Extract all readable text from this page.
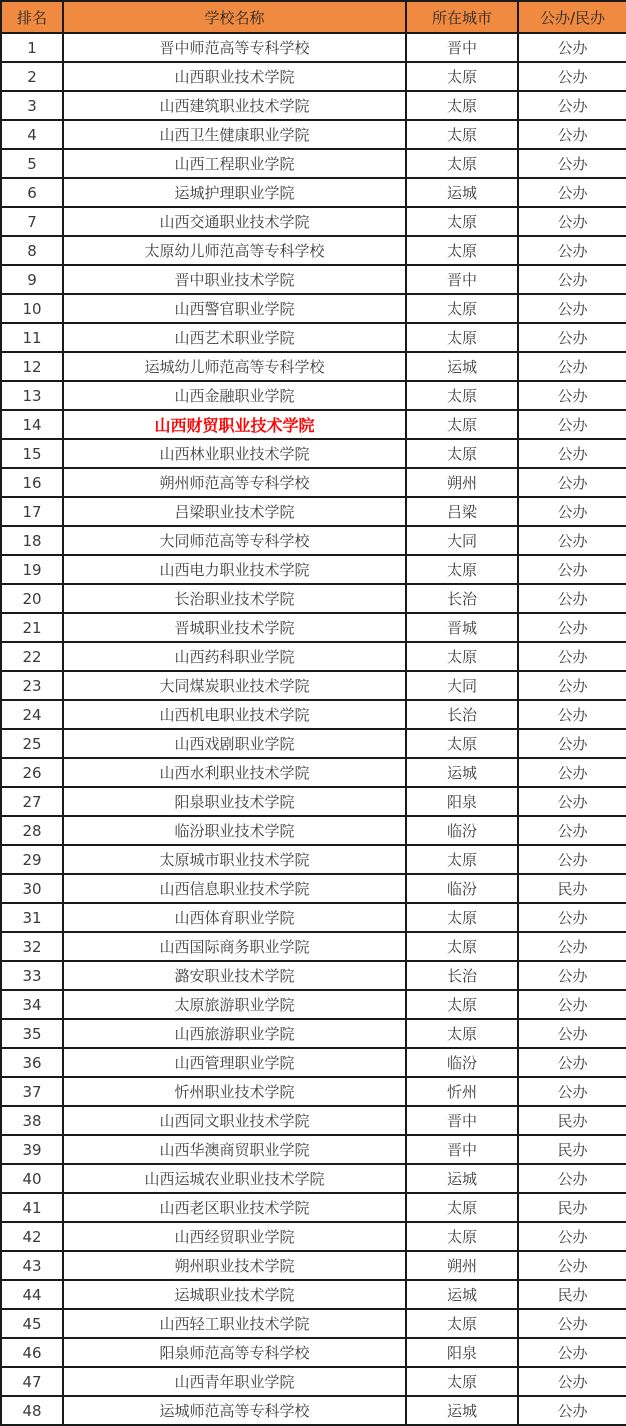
排名	学校名称	所在城市	公办/民办
1	晋中师范高等专科学校	晋中	公办
2	山西职业技术学院	太原	公办
3	山西建筑职业技术学院	太原	公办
4	山西卫生健康职业学院	太原	公办
5	山西工程职业学院	太原	公办
6	运城护理职业学院	运城	公办
7	山西交通职业技术学院	太原	公办
8	太原幼儿师范高等专科学校	太原	公办
9	晋中职业技术学院	晋中	公办
10	山西警官职业学院	太原	公办
11	山西艺术职业学院	太原	公办
12	运城幼儿师范高等专科学校	运城	公办
13	山西金融职业学院	太原	公办
14	山西财贸职业技术学院	太原	公办
15	山西林业职业技术学院	太原	公办
16	朔州师范高等专科学校	朔州	公办
17	吕梁职业技术学院	吕梁	公办
18	大同师范高等专科学校	大同	公办
19	山西电力职业技术学院	太原	公办
20	长治职业技术学院	长治	公办
21	晋城职业技术学院	晋城	公办
22	山西药科职业学院	太原	公办
23	大同煤炭职业技术学院	大同	公办
24	山西机电职业技术学院	长治	公办
25	山西戏剧职业学院	太原	公办
26	山西水利职业技术学院	运城	公办
27	阳泉职业技术学院	阳泉	公办
28	临汾职业技术学院	临汾	公办
29	太原城市职业技术学院	太原	公办
30	山西信息职业技术学院	临汾	民办
31	山西体育职业学院	太原	公办
32	山西国际商务职业学院	太原	公办
33	潞安职业技术学院	长治	公办
34	太原旅游职业学院	太原	公办
35	山西旅游职业学院	太原	公办
36	山西管理职业学院	临汾	公办
37	忻州职业技术学院	忻州	公办
38	山西同文职业技术学院	晋中	民办
39	山西华澳商贸职业学院	晋中	民办
40	山西运城农业职业技术学院	运城	公办
41	山西老区职业技术学院	太原	民办
42	山西经贸职业学院	太原	公办
43	朔州职业技术学院	朔州	公办
44	运城职业技术学院	运城	民办
45	山西轻工职业技术学院	太原	公办
46	阳泉师范高等专科学校	阳泉	公办
47	山西青年职业学院	太原	公办
48	运城师范高等专科学校	运城	公办
